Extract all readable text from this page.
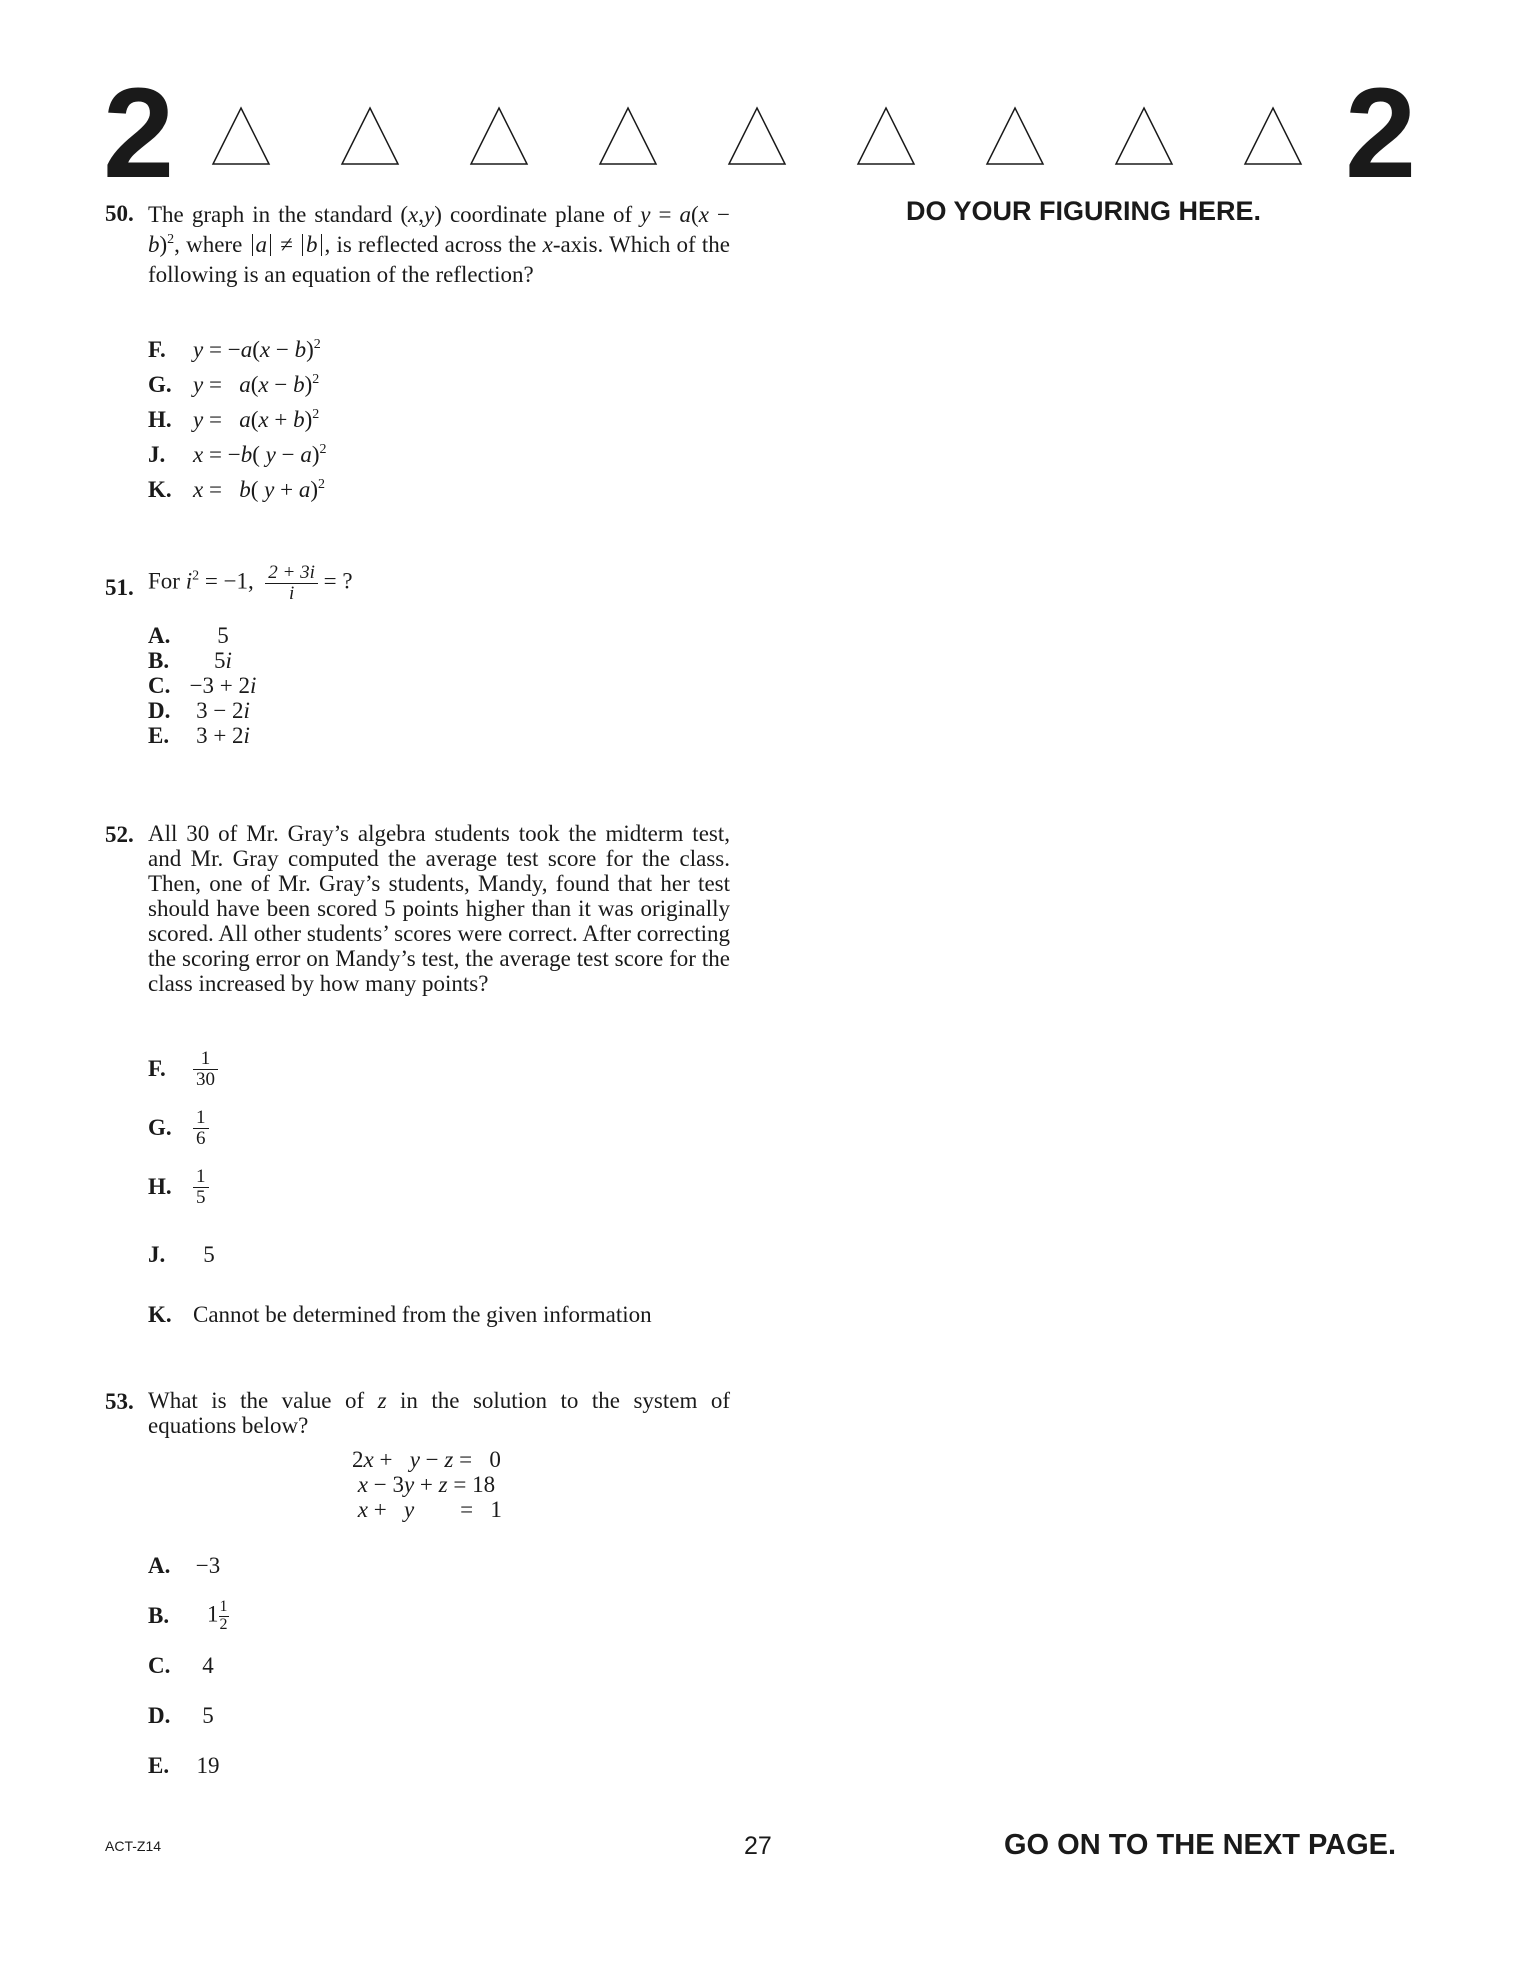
2	2
DO YOUR FIGURING HERE.
50. The graph in the standard (x,y) coordinate plane of $y = a(x - b)^2$, where a ≠ b , is reflected across the x-axis. Which of the following is an equation of the reflection?
F. $y = -a(x - b)^2$
G. $y = a(x - b)^2$
H. $y = a(x + b)^2$
J. x = −b( y − a)$^2$
K. x =   b( y + a)$^2$
51. For $i^2 = -1$, $\frac{2 + 3i}{i}$ = ?
A. 5
B. 5i
C. −3 + 2i
D. 3 − 2i
E. 3 + 2i
52. All 30 of Mr. Gray’s algebra students took the midterm test, and Mr. Gray computed the average test score for the class. Then, one of Mr. Gray’s students, Mandy, found that her test should have been scored 5 points higher than it was originally scored. All other students’ scores were correct. After correcting the scoring error on Mandy’s test, the average test score for the class increased by how many points?
F.	$\frac{1}{30}$
G.	$\frac{1}{6}$
H.	$\frac{1}{5}$
J.	5
K. Cannot be determined from the given information
53. What is the value of z in the solution to the system of equations below?
2x +   y − z =   0
x − 3y + z = 18
x +   y        =   1
A.	−3
B.	$1 \frac{1}{2}$
C.	4
D.	5
E.	19
ACT-Z14	27	GO ON TO THE NEXT PAGE.
